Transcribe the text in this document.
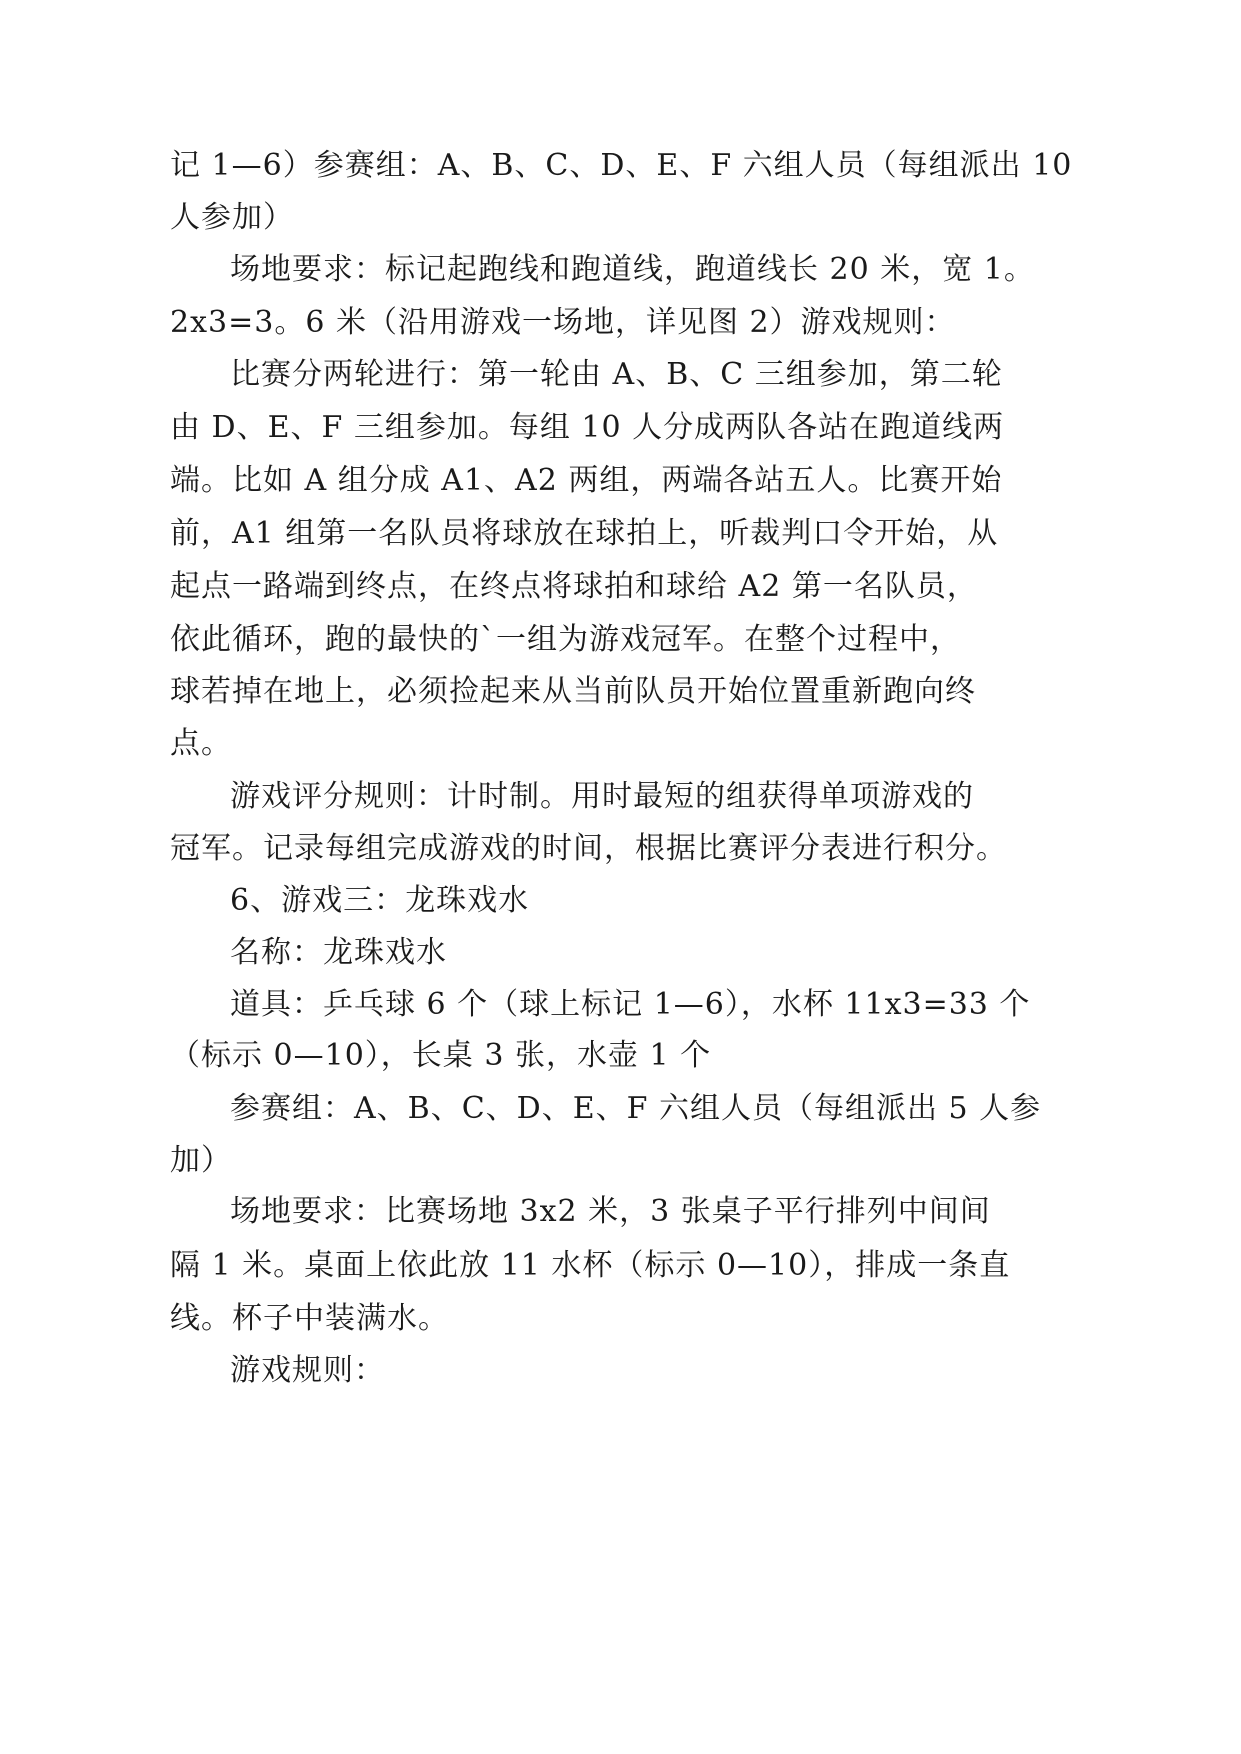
记 1—6）参赛组：A、B、C、D、E、F 六组人员（每组派出 10

人参加）

场地要求：标记起跑线和跑道线，跑道线长 20 米，宽 1。

2x3=3。6 米（沿用游戏一场地，详见图 2）游戏规则：

比赛分两轮进行：第一轮由 A、B、C 三组参加，第二轮

由 D、E、F 三组参加。每组 10 人分成两队各站在跑道线两

端。比如 A 组分成 A1、A2 两组，两端各站五人。比赛开始

前，A1 组第一名队员将球放在球拍上，听裁判口令开始，从

起点一路端到终点，在终点将球拍和球给 A2 第一名队员，

依此循环，跑的最快的`一组为游戏冠军。在整个过程中，

球若掉在地上，必须捡起来从当前队员开始位置重新跑向终

点。

游戏评分规则：计时制。用时最短的组获得单项游戏的

冠军。记录每组完成游戏的时间，根据比赛评分表进行积分。

6、游戏三：龙珠戏水

名称：龙珠戏水

道具：乒乓球 6 个（球上标记 1—6），水杯 11x3=33 个

（标示 0—10），长桌 3 张，水壶 1 个

参赛组：A、B、C、D、E、F 六组人员（每组派出 5 人参

加）

场地要求：比赛场地 3x2 米，3 张桌子平行排列中间间

隔 1 米。桌面上依此放 11 水杯（标示 0—10），排成一条直

线。杯子中装满水。

游戏规则：
